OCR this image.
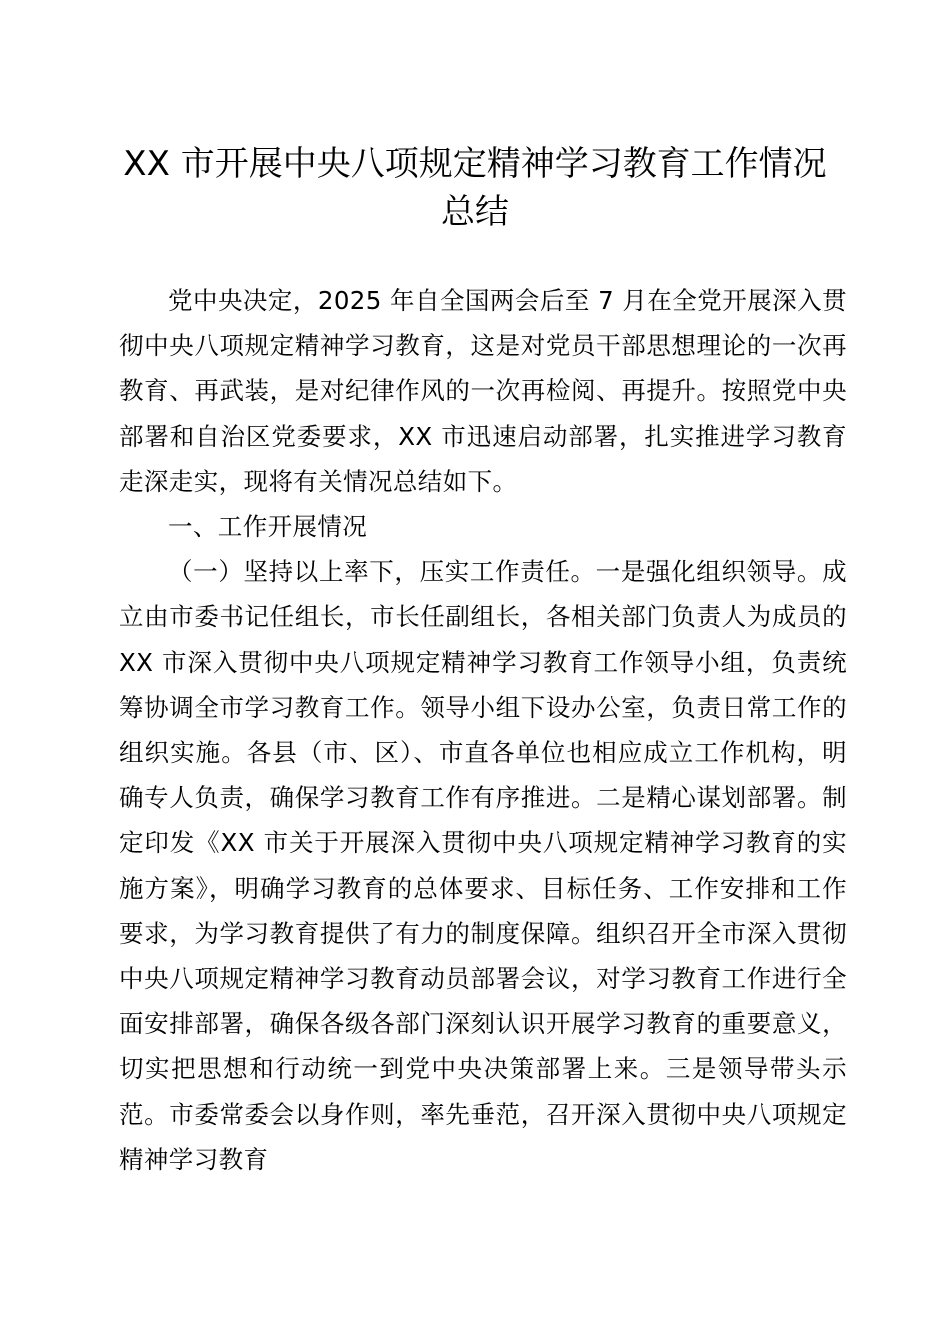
XX 市开展中央八项规定精神学习教育工作情况总结

党中央决定，2025 年自全国两会后至 7 月在全党开展深入贯彻中央八项规定精神学习教育，这是对党员干部思想理论的一次再教育、再武装，是对纪律作风的一次再检阅、再提升。按照党中央部署和自治区党委要求，XX 市迅速启动部署，扎实推进学习教育走深走实，现将有关情况总结如下。

一、工作开展情况

（一）坚持以上率下，压实工作责任。一是强化组织领导。成立由市委书记任组长，市长任副组长，各相关部门负责人为成员的 XX 市深入贯彻中央八项规定精神学习教育工作领导小组，负责统筹协调全市学习教育工作。领导小组下设办公室，负责日常工作的组织实施。各县（市、区）、市直各单位也相应成立工作机构，明确专人负责，确保学习教育工作有序推进。二是精心谋划部署。制定印发《XX 市关于开展深入贯彻中央八项规定精神学习教育的实施方案》，明确学习教育的总体要求、目标任务、工作安排和工作要求，为学习教育提供了有力的制度保障。组织召开全市深入贯彻中央八项规定精神学习教育动员部署会议，对学习教育工作进行全面安排部署，确保各级各部门深刻认识开展学习教育的重要意义，切实把思想和行动统一到党中央决策部署上来。三是领导带头示范。市委常委会以身作则，率先垂范，召开深入贯彻中央八项规定精神学习教育
